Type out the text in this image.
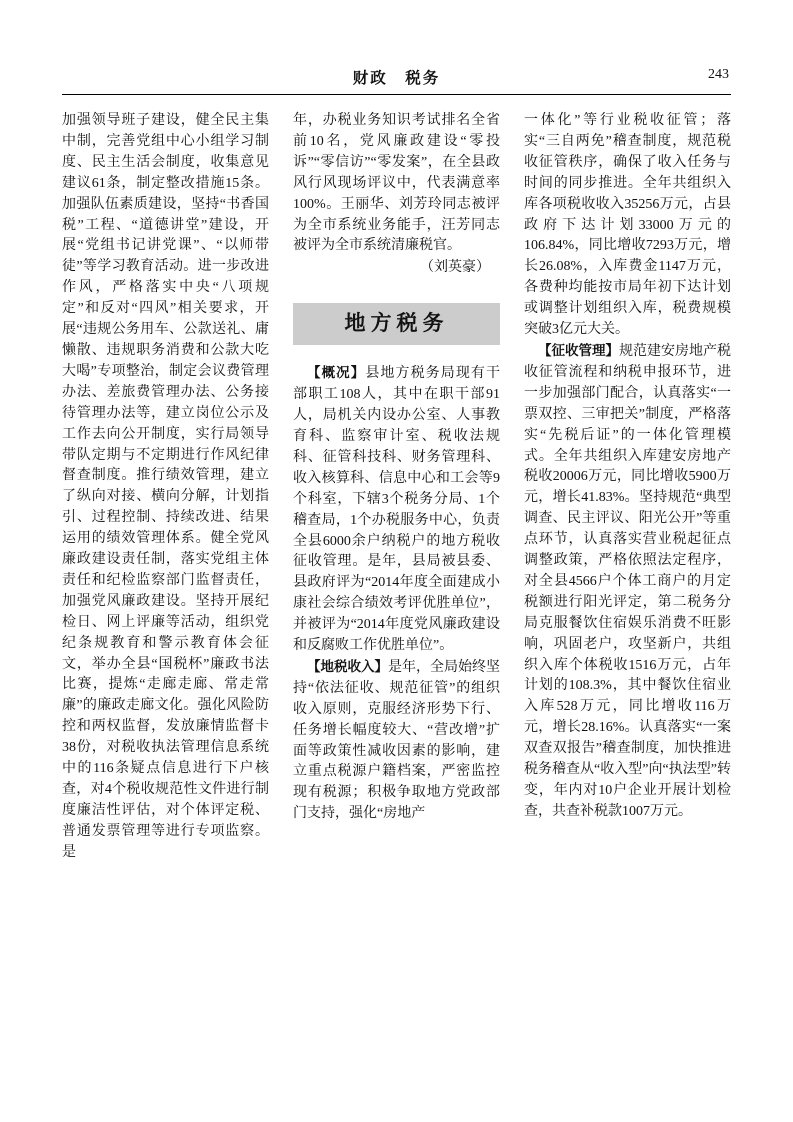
财政　税务	243

加强领导班子建设，健全民主集中制，完善党组中心小组学习制度、民主生活会制度，收集意见建议61条，制定整改措施15条。加强队伍素质建设，坚持“书香国税”工程、“道德讲堂”建设，开展“党组书记讲党课”、“以师带徒”等学习教育活动。进一步改进作风，严格落实中央“八项规定”和反对“四风”相关要求，开展“违规公务用车、公款送礼、庸懒散、违规职务消费和公款大吃大喝”专项整治，制定会议费管理办法、差旅费管理办法、公务接待管理办法等，建立岗位公示及工作去向公开制度，实行局领导带队定期与不定期进行作风纪律督查制度。推行绩效管理，建立了纵向对接、横向分解，计划指引、过程控制、持续改进、结果运用的绩效管理体系。健全党风廉政建设责任制，落实党组主体责任和纪检监察部门监督责任，加强党风廉政建设。坚持开展纪检日、网上评廉等活动，组织党纪条规教育和警示教育体会征文，举办全县“国税杯”廉政书法比赛，提炼“走廊走廊、常走常廉”的廉政走廊文化。强化风险防控和两权监督，发放廉情监督卡38份，对税收执法管理信息系统中的116条疑点信息进行下户核查，对4个税收规范性文件进行制度廉洁性评估，对个体评定税、普通发票管理等进行专项监察。是

年，办税业务知识考试排名全省前10名，党风廉政建设“零投诉”“零信访”“零发案”，在全县政风行风现场评议中，代表满意率100%。王丽华、刘芳玲同志被评为全市系统业务能手，汪芳同志被评为全市系统清廉税官。

（刘英豪）

地方税务

【概况】县地方税务局现有干部职工108人，其中在职干部91人，局机关内设办公室、人事教育科、监察审计室、税收法规科、征管科技科、财务管理科、收入核算科、信息中心和工会等9个科室，下辖3个税务分局、1个稽查局，1个办税服务中心，负责全县6000余户纳税户的地方税收征收管理。是年，县局被县委、县政府评为“2014年度全面建成小康社会综合绩效考评优胜单位”，并被评为“2014年度党风廉政建设和反腐败工作优胜单位”。

【地税收入】是年，全局始终坚持“依法征收、规范征管”的组织收入原则，克服经济形势下行、任务增长幅度较大、“营改增”扩面等政策性减收因素的影响，建立重点税源户籍档案，严密监控现有税源；积极争取地方党政部门支持，强化“房地产

一体化”等行业税收征管；落实“三自两免”稽查制度，规范税收征管秩序，确保了收入任务与时间的同步推进。全年共组织入库各项税收收入35256万元，占县政府下达计划33000万元的106.84%，同比增收7293万元，增长26.08%，入库费金1147万元，各费种均能按市局年初下达计划或调整计划组织入库，税费规模突破3亿元大关。

【征收管理】规范建安房地产税收征管流程和纳税申报环节，进一步加强部门配合，认真落实“一票双控、三审把关”制度，严格落实“先税后证”的一体化管理模式。全年共组织入库建安房地产税收20006万元，同比增收5900万元，增长41.83%。坚持规范“典型调查、民主评议、阳光公开”等重点环节，认真落实营业税起征点调整政策，严格依照法定程序，对全县4566户个体工商户的月定税额进行阳光评定，第二税务分局克服餐饮住宿娱乐消费不旺影响，巩固老户，攻坚新户，共组织入库个体税收1516万元，占年计划的108.3%，其中餐饮住宿业入库528万元，同比增收116万元，增长28.16%。认真落实“一案双查双报告”稽查制度，加快推进税务稽查从“收入型”向“执法型”转变，年内对10户企业开展计划检查，共查补税款1007万元。
